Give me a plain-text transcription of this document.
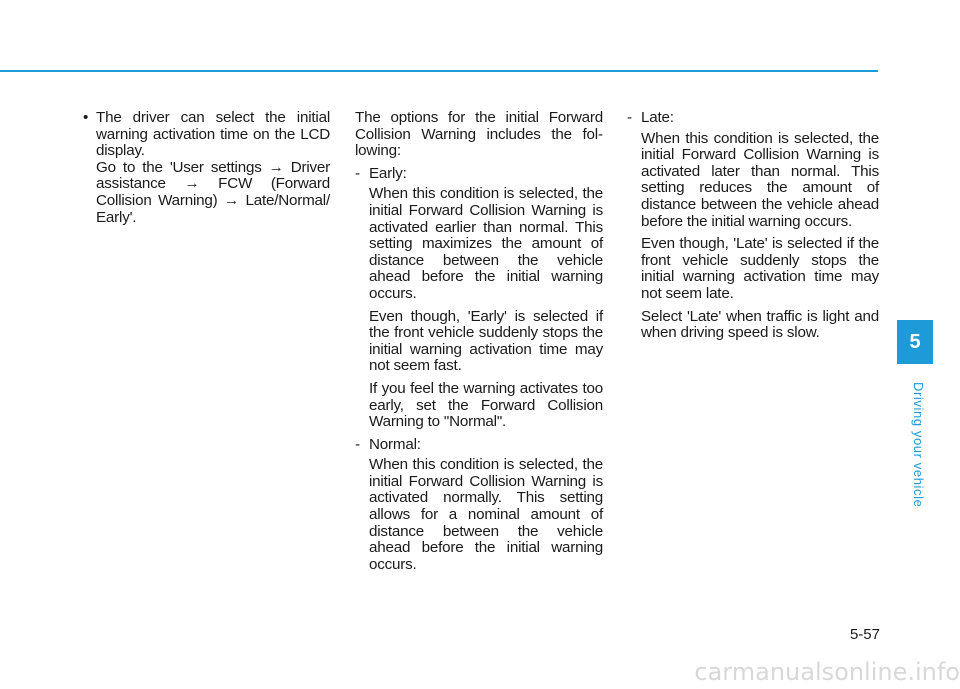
• The driver can select the initial warning activation time on the LCD display.

Go to the 'User settings → Driver assistance → FCW (Forward Collision Warning) → Late/Normal/ Early'.

The options for the initial Forward Collision Warning includes the following:

- Early:

When this condition is selected, the initial Forward Collision Warning is activated earlier than normal. This setting maximizes the amount of distance between the vehicle ahead before the initial warning occurs.

Even though, 'Early' is selected if the front vehicle suddenly stops the initial warning activation time may not seem fast.

If you feel the warning activates too early, set the Forward Collision Warning to "Normal".

- Normal:

When this condition is selected, the initial Forward Collision Warning is activated normally. This setting allows for a nominal amount of distance between the vehicle ahead before the initial warning occurs.

- Late:

When this condition is selected, the initial Forward Collision Warning is activated later than normal. This setting reduces the amount of distance between the vehicle ahead before the initial warning occurs.

Even though, 'Late' is selected if the front vehicle suddenly stops the initial warning activation time may not seem late.

Select 'Late' when traffic is light and when driving speed is slow.	5
Driving your vehicle
5-57
carmanualsonline.info
